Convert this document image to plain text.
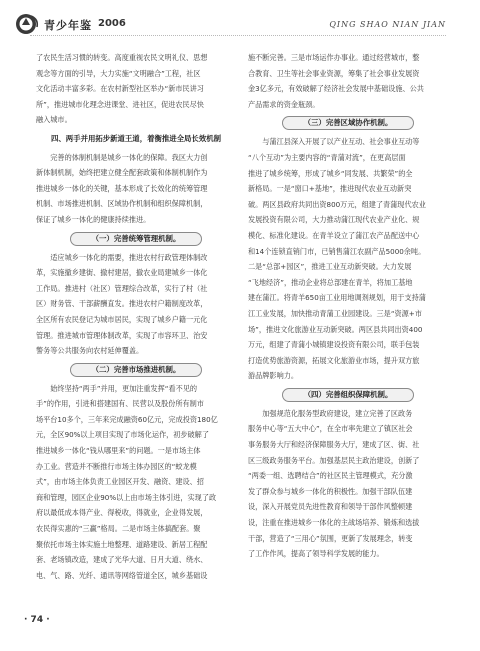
青少年鉴 2006	QING SHAO NIAN JIAN

了农民生活习惯的转变。高度重视农民文明礼仪、思想

观念等方面的引导，大力实施“文明融合”工程，社区

文化活动丰富多彩。在农村新型社区举办“新市民讲习

所”，推进城市化理念进课堂、进社区，促进农民尽快

融入城市。

四、两手并用拓步新道王道，着衡推进全局长效机制

　　完善的体制机制是城乡一体化的保障。我区大力创

新体制机制，始终把建立健全配套政策和体制机制作为

推进城乡一体化的关键，基本形成了长效化的统筹管理

机制、市场推进机制、区域协作机制和组织保障机制，

保证了城乡一体化的健康持续推进。

（一）完善统筹管理机制。

　　适应城乡一体化的需要，推进农村行政管理体制改

革，实施撤乡建街、撤村建居，撤农业局建城乡一体化

工作局。推进村（社区）管理综合改革，实行了村（社

区）财务管、干部薪酬直发。推进农村户籍制度改革，

全区所有农民登记为城市居民，实现了城乡户籍一元化

管理。推进城市管理体制改革，实现了市容环卫、治安

警务等公共服务向农村延伸覆盖。

（二）完善市场推进机制。

　　始终坚持“两手”并用，更加注重发挥“看不见的

手”的作用，引进和搭建国有、民营以及股份所有制市

场平台10多个，三年来完成融资60亿元，完成投资180亿

元，全区90%以上项目实现了市场化运作，初步破解了

推进城乡一体化“钱从哪里来”的问题。一是市场主体

办工业。营造并不断推行市场主体办园区的“蛟龙模

式”，由市场主体负责工业园区开发、融资、建设、招

商和管理，园区企业90%以上由市场主体引进，实现了政

府以最低成本得产业、得税收，得就业，企业得发展，

农民得实惠的“三赢”格局。二是市场主体搞配套。聚

聚依托市场主体实施土地整理、道路建设、新居工程配

套、老场镇改造，建成了光华大道、日月大道、绕水、

电、气、路、光纤、通讯等网络管道全区，城乡基础设

施不断完善。三是市场运作办事业。通过经营城市，整

合教育、卫生等社会事业资源，筹集了社会事业发展资

金3亿多元，有效破解了经济社会发展中基础设施、公共

产品需求的资金瓶颈。

（三）完善区域协作机制。

　　与蒲江县深入开展了以产业互动、社会事业互动等

“八个互动”为主要内容的“青蒲对流”，在更高层面

推进了城乡统筹，形成了城乡“同发展、共繁荣”的全

新格局。一是“窗口+基地”，推进现代农业互动新突

破。两区县政府共同出资800万元，组建了青蒲现代农业

发展投资有限公司，大力推动蒲江现代农业产业化、规

模化、标准化建设。在青羊设立了蒲江农产品配送中心

和14个连锁直销门市，已销售蒲江农副产品5000余吨。

二是“总部+园区”，推进工业互动新突破。大力发展

“飞地经济”，推动企业将总部建在青羊，将加工基地

建在蒲江。将青羊650亩工业用地调剂规划，用于支持蒲

江工业发展，加快推动青蒲工业园建设。三是“资源+市

场”，推进文化旅游业互动新突破。两区县共同出资400

万元，组建了青蒲小城镇建设投资有限公司，联手包装

打造优势旅游资源，拓展文化旅游业市场，提升双方旅

游品牌影响力。

（四）完善组织保障机制。

　　加强规范化服务型政府建设，建立完善了区政务

服务中心等“五大中心”，在全市率先建立了镇区社会

事务服务大厅和经济保障服务大厅，建成了区、街、社

区三级政务服务平台。加强基层民主政治建设，创新了

“两委一组、选聘结合”的社区民主管理模式，充分激

发了群众参与城乡一体化的积极性。加强干部队伍建

设，深入开展党员先进性教育和领导干部作风整顿建

设，注重在推进城乡一体化的主战场培养、锻炼和选拔

干部，营造了“三用心”氛围，更新了发展理念，转变

了工作作风，提高了领导科学发展的能力。

· 74 ·
